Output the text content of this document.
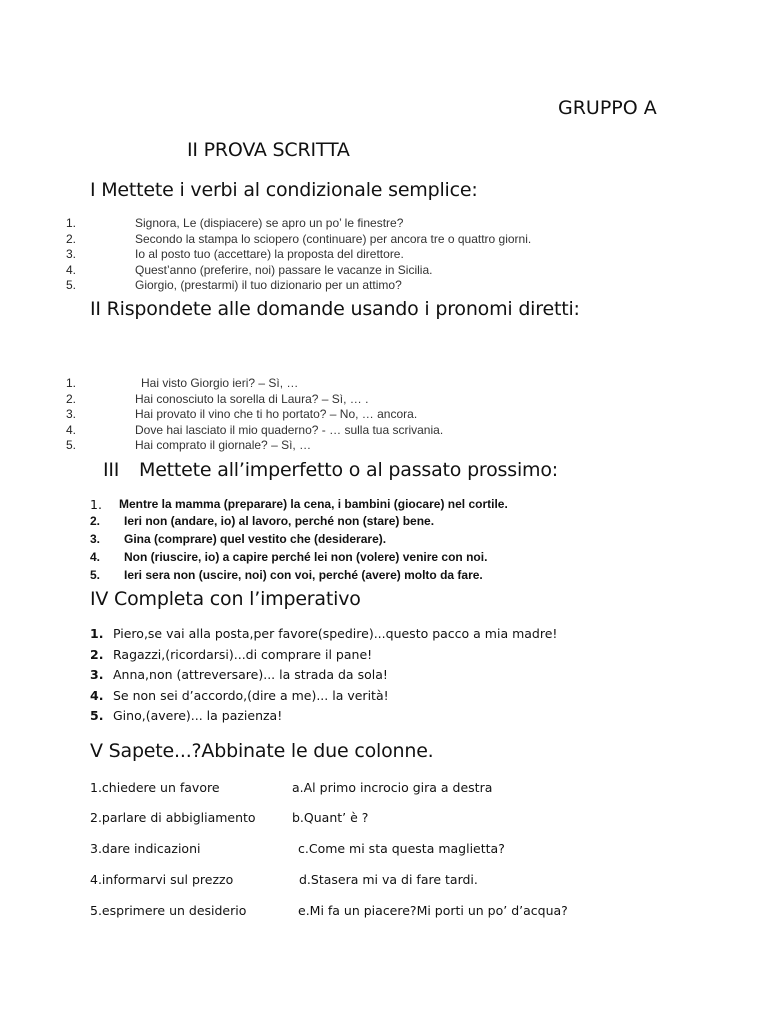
GRUPPO A
II PROVA SCRITTA
I Mettete i verbi al condizionale semplice:
1.	Signora, Le (dispiacere) se apro un po’ le finestre?
2.	Secondo la stampa lo sciopero (continuare) per ancora tre o quattro giorni.
3.	Io al posto tuo (accettare) la proposta del direttore.
4.	Quest’anno (preferire, noi) passare le vacanze in Sicilia.
5.	Giorgio, (prestarmi) il tuo dizionario per un attimo?
II Rispondete alle domande usando i pronomi diretti:
1.	Hai visto Giorgio ieri? – Sì, …
2.	Hai conosciuto la sorella di Laura? – Sì, … .
3.	Hai provato il vino che ti ho portato? – No, … ancora.
4.	Dove hai lasciato il mio quaderno? - … sulla tua scrivania.
5.	Hai comprato il giornale? – Sì, …
III Mettete all’imperfetto o al passato prossimo:
1. Mentre la mamma (preparare) la cena, i bambini (giocare) nel cortile.
2. Ieri non (andare, io) al lavoro, perché non (stare) bene.
3. Gina (comprare) quel vestito che (desiderare).
4. Non (riuscire, io) a capire perché lei non (volere) venire con noi.
5. Ieri sera non (uscire, noi) con voi, perché (avere) molto da fare.
IV Completa con l’imperativo
1. Piero,se vai alla posta,per favore(spedire)...questo pacco a mia madre!
2. Ragazzi,(ricordarsi)...di comprare il pane!
3. Anna,non (attreversare)... la strada da sola!
4. Se non sei d’accordo,(dire a me)... la verità!
5. Gino,(avere)... la pazienza!
V Sapete...?Abbinate le due colonne.
1.chiedere un favore	a.Al primo incrocio gira a destra
2.parlare di abbigliamento	b.Quant’ è ?
3.dare indicazioni	c.Come mi sta questa maglietta?
4.informarvi sul prezzo	d.Stasera mi va di fare tardi.
5.esprimere un desiderio	e.Mi fa un piacere?Mi porti un po’ d’acqua?
